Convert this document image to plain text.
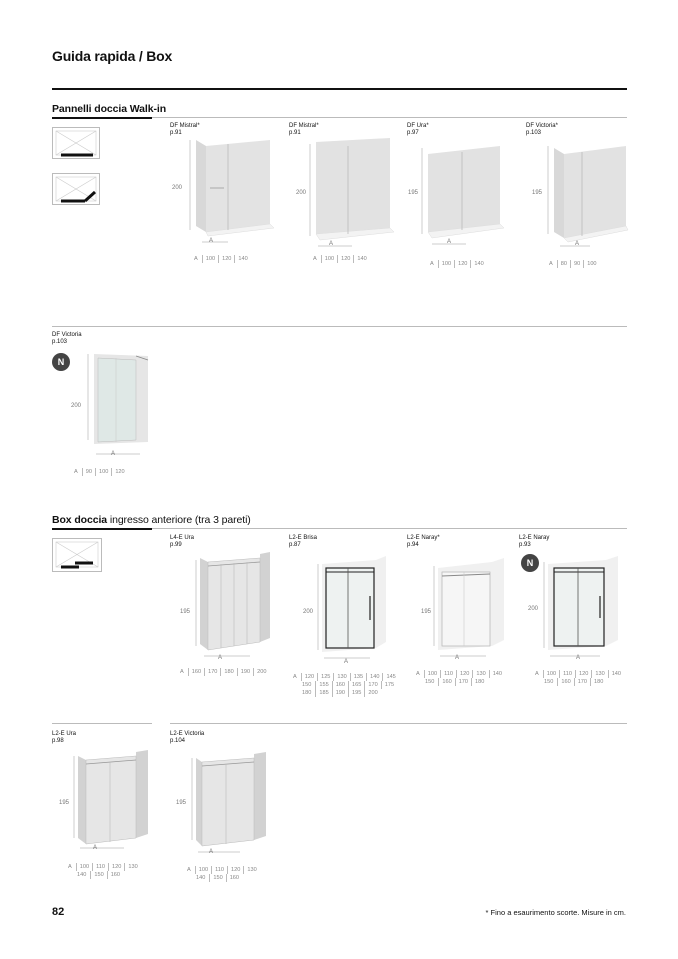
Guida rapida / Box
Pannelli doccia Walk-in
DF Mistral*
p.91
200
A
A 100 120 140
DF Mistral*
p.91
200
A
A 100 120 140
DF Ura*
p.97
195
A
A 100 120 140
DF Victoria*
p.103
195
A
A 80 90 100
DF Victoria
p.103
N
200
A
A 90 100 120
Box doccia ingresso anteriore (tra 3 pareti)
L4-E Ura
p.99
195
A
A 160 170 180 190 200
L2-E Brisa
p.87
200
A
A 120 125 130 135 140 145
150 155 160 165 170 175
180 185 190 195 200
L2-E Naray*
p.94
195
A
A 100 110 120 130 140
150 160 170 180
L2-E Naray
p.93
N
200
A
A 100 110 120 130 140
150 160 170 180
L2-E Ura
p.98
195
A
A 100 110 120 130
140 150 160
L2-E Victoria
p.104
195
A
A 100 110 120 130
140 150 160
82	* Fino a esaurimento scorte. Misure in cm.
